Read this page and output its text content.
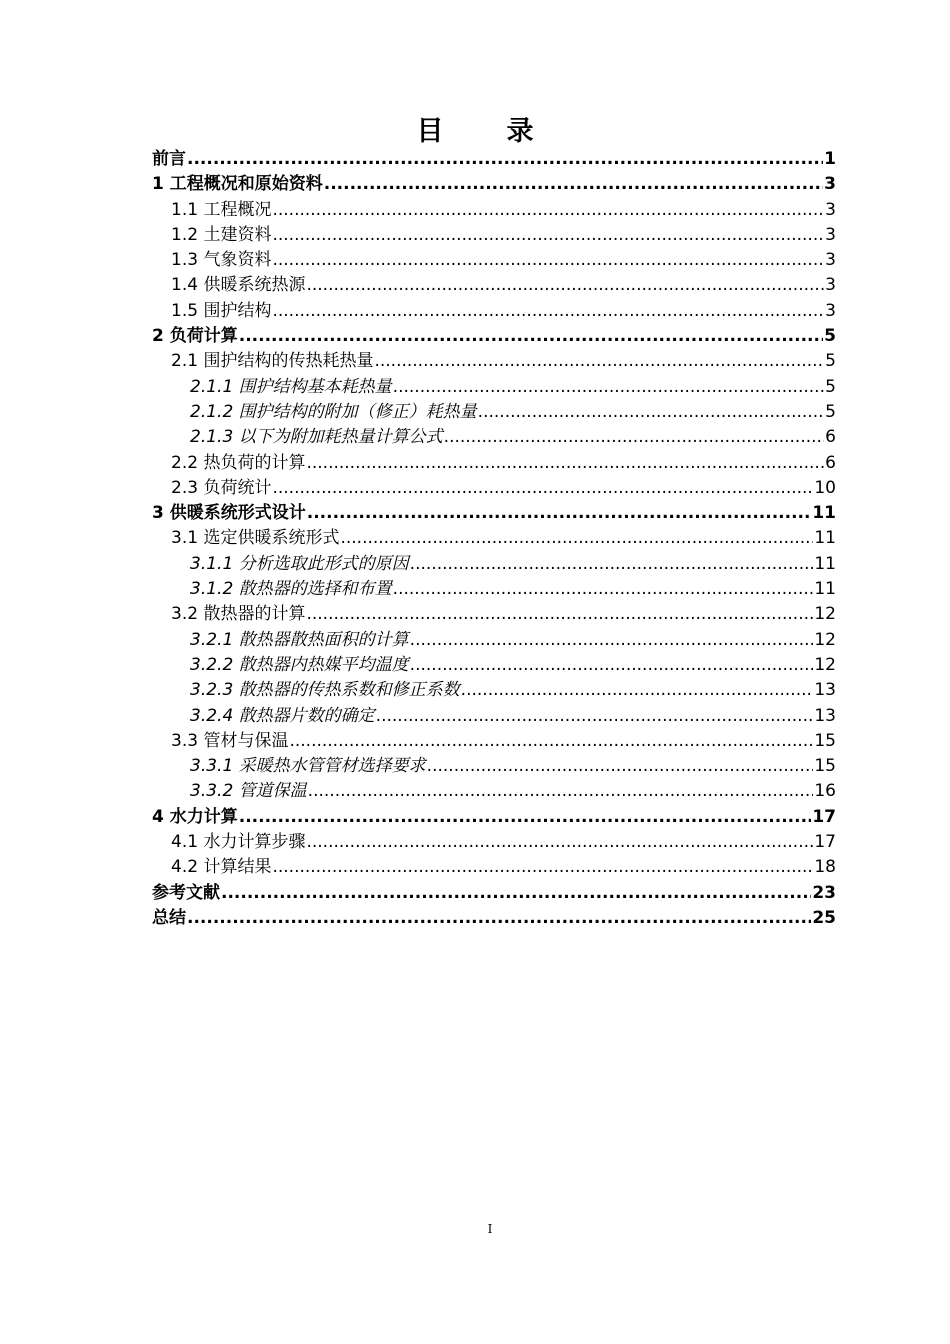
目　录
前言 .....	1
1 工程概况和原始资料 .....	3
1.1 工程概况 .....	3
1.2 土建资料 .....	3
1.3 气象资料 .....	3
1.4 供暖系统热源 .....	3
1.5 围护结构 .....	3
2 负荷计算 .....	5
2.1 围护结构的传热耗热量 .....	5
2.1.1 围护结构基本耗热量 .....	5
2.1.2 围护结构的附加（修正）耗热量 .....	5
2.1.3 以下为附加耗热量计算公式 .....	6
2.2 热负荷的计算 .....	6
2.3 负荷统计 .....	10
3 供暖系统形式设计 .....	11
3.1 选定供暖系统形式 .....	11
3.1.1 分析选取此形式的原因 .....	11
3.1.2 散热器的选择和布置 .....	11
3.2 散热器的计算 .....	12
3.2.1 散热器散热面积的计算 .....	12
3.2.2 散热器内热媒平均温度 .....	12
3.2.3 散热器的传热系数和修正系数 .....	13
3.2.4 散热器片数的确定 .....	13
3.3 管材与保温 .....	15
3.3.1 采暖热水管管材选择要求 .....	15
3.3.2 管道保温 .....	16
4 水力计算 .....	17
4.1 水力计算步骤 .....	17
4.2 计算结果 .....	18
参考文献 .....	23
总结 .....	25
I
